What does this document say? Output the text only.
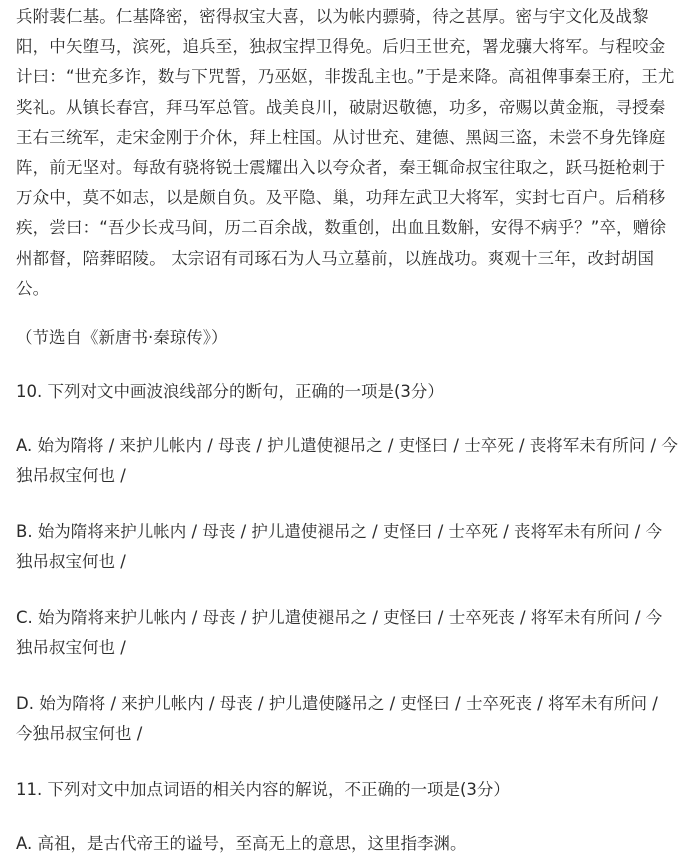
兵附裴仁基。仁基降密，密得叔宝大喜，以为帐内骠骑，待之甚厚。密与宇文化及战黎阳，中矢堕马，滨死，追兵至，独叔宝捍卫得免。后归王世充，署龙骧大将军。与程咬金计曰：“世充多诈，数与下咒誓，乃巫妪，非拨乱主也。”于是来降。高祖俾事秦王府，王尤奖礼。从镇长春宫，拜马军总管。战美良川，破尉迟敬德，功多，帝赐以黄金瓶，寻授秦王右三统军，走宋金刚于介休，拜上柱国。从讨世充、建德、黑闼三盗，未尝不身先锋庭阵，前无坚对。每敌有骁将锐士震耀出入以夸众者，秦王辄命叔宝往取之，跃马挺枪刺于万众中，莫不如志，以是颇自负。及平隐、巢，功拜左武卫大将军，实封七百户。后稍移疾，尝曰：“吾少长戎马间，历二百余战，数重创，出血且数斛，安得不病乎？”卒，赠徐州都督，陪葬昭陵。 太宗诏有司琢石为人马立墓前，以旌战功。爽观十三年，改封胡国公。

（节选自《新唐书·秦琼传》）

10. 下列对文中画波浪线部分的断句，正确的一项是(3分）

A. 始为隋将 / 来护儿帐内 / 母丧 / 护儿遣使褪吊之 / 吏怪曰 / 士卒死 / 丧将军未有所问 / 今独吊叔宝何也 /

B. 始为隋将来护儿帐内 / 母丧 / 护儿遣使褪吊之 / 吏怪曰 / 士卒死 / 丧将军未有所问 / 今独吊叔宝何也 /

C. 始为隋将来护儿帐内 / 母丧 / 护儿遣使褪吊之 / 吏怪曰 / 士卒死丧 / 将军未有所问 / 今独吊叔宝何也 /

D. 始为隋将 / 来护儿帐内 / 母丧 / 护儿遣使隧吊之 / 吏怪曰 / 士卒死丧 / 将军未有所问 / 今独吊叔宝何也 /

11. 下列对文中加点词语的相关内容的解说，不正确的一项是(3分）

A. 高祖，是古代帝王的谥号，至高无上的意思，这里指李渊。
